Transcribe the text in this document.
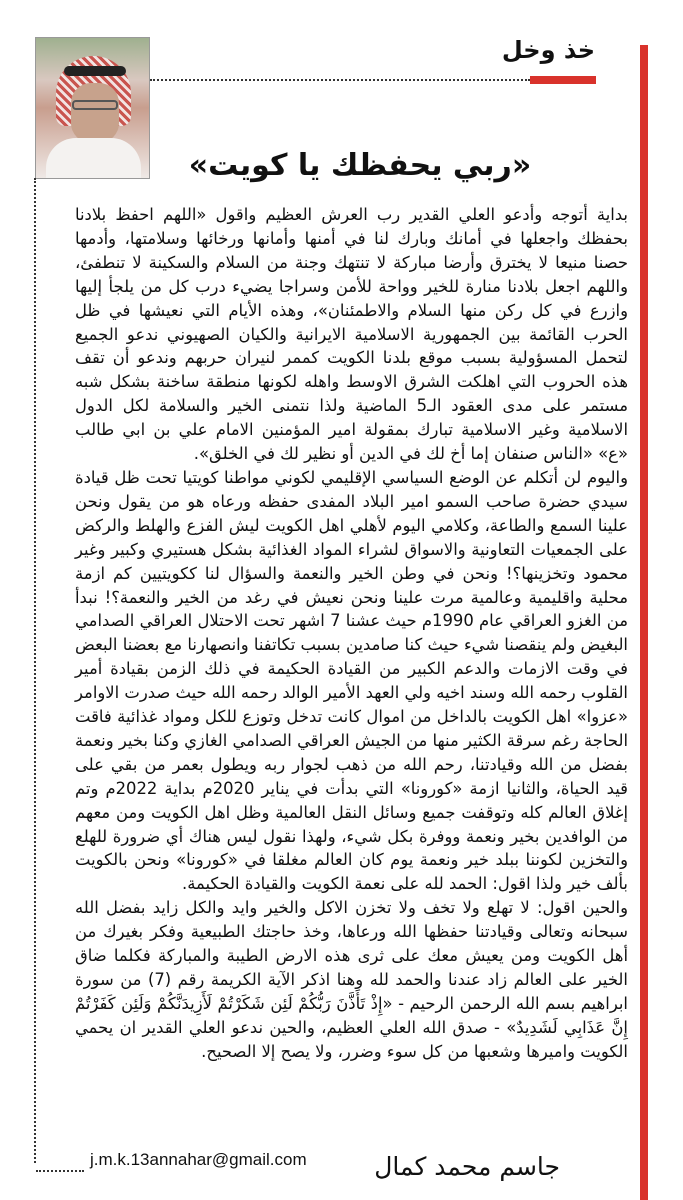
خذ وخل
«ربي يحفظك يا كويت»

بداية أتوجه وأدعو العلي القدير رب العرش العظيم واقول «اللهم احفظ بلادنا بحفظك واجعلها في أمانك وبارك لنا في أمنها وأمانها ورخائها وسلامتها، وأدمها حصنا منيعا لا يخترق وأرضا مباركة لا تنتهك وجنة من السلام والسكينة لا تنطفئ، واللهم اجعل بلادنا منارة للخير وواحة للأمن وسراجا يضيء درب كل من يلجأ إليها وازرع في كل ركن منها السلام والاطمئنان»، وهذه الأيام التي نعيشها في ظل الحرب القائمة بين الجمهورية الاسلامية الايرانية والكيان الصهيوني ندعو الجميع لتحمل المسؤولية بسبب موقع بلدنا الكويت كممر لنيران حربهم وندعو أن تقف هذه الحروب التي اهلكت الشرق الاوسط واهله لكونها منطقة ساخنة بشكل شبه مستمر على مدى العقود الـ5 الماضية ولذا نتمنى الخير والسلامة لكل الدول الاسلامية وغير الاسلامية تبارك بمقولة امير المؤمنين الامام علي بن ابي طالب «ع» «الناس صنفان إما أخ لك في الدين أو نظير لك في الخلق».

واليوم لن أتكلم عن الوضع السياسي الإقليمي لكوني مواطنا كويتيا تحت ظل قيادة سيدي حضرة صاحب السمو امير البلاد المفدى حفظه ورعاه هو من يقول ونحن علينا السمع والطاعة، وكلامي اليوم لأهلي اهل الكويت ليش الفزع والهلط والركض على الجمعيات التعاونية والاسواق لشراء المواد الغذائية بشكل هستيري وكبير وغير محمود وتخزينها؟! ونحن في وطن الخير والنعمة والسؤال لنا ككويتيين كم ازمة محلية واقليمية وعالمية مرت علينا ونحن نعيش في رغد من الخير والنعمة؟! نبدأ من الغزو العراقي عام 1990م حيث عشنا 7 اشهر تحت الاحتلال العراقي الصدامي البغيض ولم ينقصنا شيء حيث كنا صامدين بسبب تكاتفنا وانصهارنا مع بعضنا البعض في وقت الازمات والدعم الكبير من القيادة الحكيمة في ذلك الزمن بقيادة أمير القلوب رحمه الله وسند اخيه ولي العهد الأمير الوالد رحمه الله حيث صدرت الاوامر «عزوا» اهل الكويت بالداخل من اموال كانت تدخل وتوزع للكل ومواد غذائية فاقت الحاجة رغم سرقة الكثير منها من الجيش العراقي الصدامي الغازي وكنا بخير ونعمة بفضل من الله وقيادتنا، رحم الله من ذهب لجوار ربه ويطول بعمر من بقي على قيد الحياة، والثانيا ازمة «كورونا» التي بدأت في يناير 2020م بداية 2022م وتم إغلاق العالم كله وتوقفت جميع وسائل النقل العالمية وظل اهل الكويت ومن معهم من الوافدين بخير ونعمة ووفرة بكل شيء، ولهذا نقول ليس هناك أي ضرورة للهلع والتخزين لكوننا ببلد خير ونعمة يوم كان العالم مغلقا في «كورونا» ونحن بالكويت بألف خير ولذا اقول: الحمد لله على نعمة الكويت والقيادة الحكيمة.

والحين اقول: لا تهلع ولا تخف ولا تخزن الاكل والخير وايد والكل زايد بفضل الله سبحانه وتعالى وقيادتنا حفظها الله ورعاها، وخذ حاجتك الطبيعية وفكر بغيرك من أهل الكويت ومن يعيش معك على ثرى هذه الارض الطيبة والمباركة فكلما ضاق الخير على العالم زاد عندنا والحمد لله وهنا اذكر الآية الكريمة رقم (7) من سورة ابراهيم بسم الله الرحمن الرحيم - «إِذْ تَأَذَّنَ رَبُّكُمْ لَئِن شَكَرْتُمْ لَأَزِيدَنَّكُمْ وَلَئِن كَفَرْتُمْ إِنَّ عَذَابِي لَشَدِيدٌ» - صدق الله العلي العظيم، والحين ندعو العلي القدير ان يحمي الكويت واميرها وشعبها من كل سوء وضرر، ولا يصح إلا الصحيح.

j.m.k.13annahar@gmail.com	جاسم محمد كمال
